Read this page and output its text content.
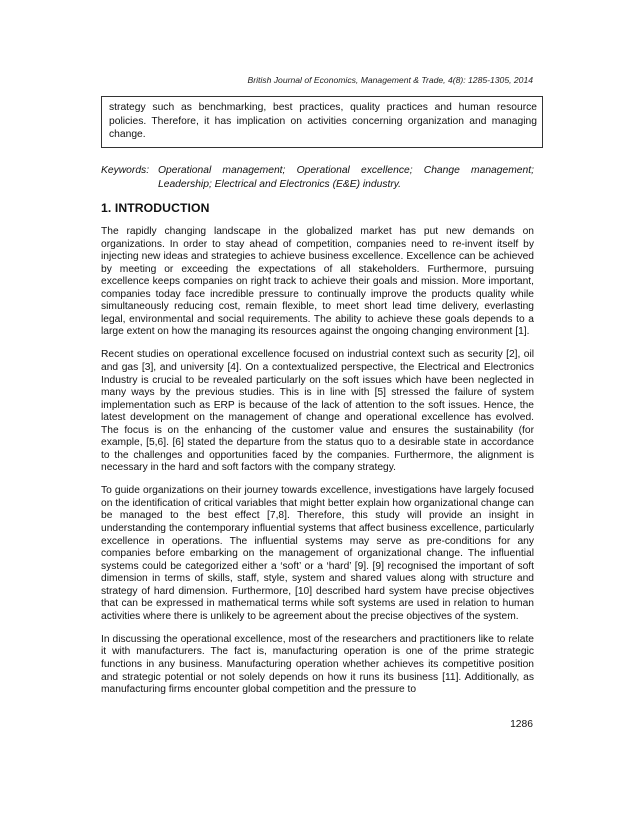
British Journal of Economics, Management & Trade, 4(8): 1285-1305, 2014
strategy such as benchmarking, best practices, quality practices and human resource policies. Therefore, it has implication on activities concerning organization and managing change.
Keywords: Operational management; Operational excellence; Change management; Leadership; Electrical and Electronics (E&E) industry.
1. INTRODUCTION

The rapidly changing landscape in the globalized market has put new demands on organizations. In order to stay ahead of competition, companies need to re-invent itself by injecting new ideas and strategies to achieve business excellence. Excellence can be achieved by meeting or exceeding the expectations of all stakeholders. Furthermore, pursuing excellence keeps companies on right track to achieve their goals and mission. More important, companies today face incredible pressure to continually improve the products quality while simultaneously reducing cost, remain flexible, to meet short lead time delivery, everlasting legal, environmental and social requirements. The ability to achieve these goals depends to a large extent on how the managing its resources against the ongoing changing environment [1].

Recent studies on operational excellence focused on industrial context such as security [2], oil and gas [3], and university [4]. On a contextualized perspective, the Electrical and Electronics Industry is crucial to be revealed particularly on the soft issues which have been neglected in many ways by the previous studies. This is in line with [5] stressed the failure of system implementation such as ERP is because of the lack of attention to the soft issues. Hence, the latest development on the management of change and operational excellence has evolved. The focus is on the enhancing of the customer value and ensures the sustainability (for example, [5,6]. [6] stated the departure from the status quo to a desirable state in accordance to the challenges and opportunities faced by the companies. Furthermore, the alignment is necessary in the hard and soft factors with the company strategy.

To guide organizations on their journey towards excellence, investigations have largely focused on the identification of critical variables that might better explain how organizational change can be managed to the best effect [7,8]. Therefore, this study will provide an insight in understanding the contemporary influential systems that affect business excellence, particularly excellence in operations. The influential systems may serve as pre-conditions for any companies before embarking on the management of organizational change. The influential systems could be categorized either a ‘soft’ or a ‘hard’ [9]. [9] recognised the important of soft dimension in terms of skills, staff, style, system and shared values along with structure and strategy of hard dimension. Furthermore, [10] described hard system have precise objectives that can be expressed in mathematical terms while soft systems are used in relation to human activities where there is unlikely to be agreement about the precise objectives of the system.

In discussing the operational excellence, most of the researchers and practitioners like to relate it with manufacturers. The fact is, manufacturing operation is one of the prime strategic functions in any business. Manufacturing operation whether achieves its competitive position and strategic potential or not solely depends on how it runs its business [11]. Additionally, as manufacturing firms encounter global competition and the pressure to

1286
